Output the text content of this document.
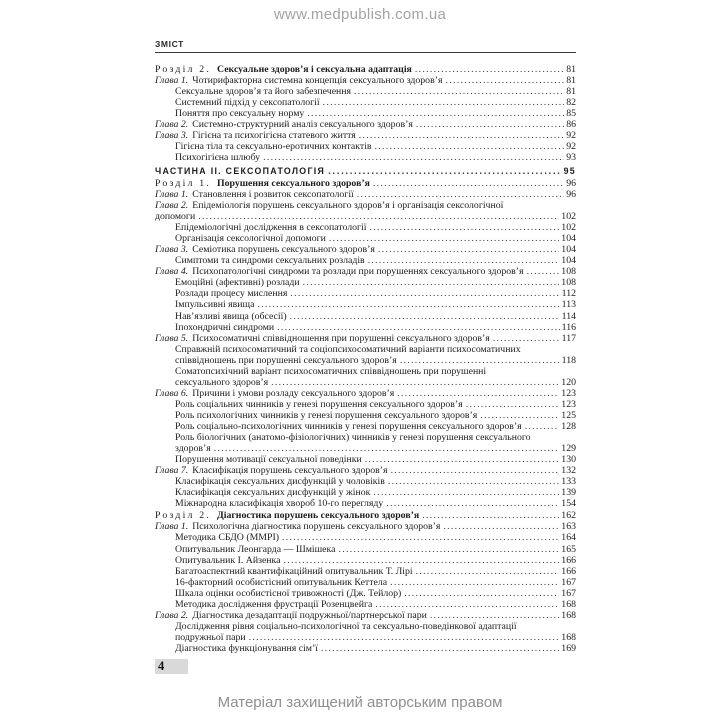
www.medpublish.com.ua
ЗМІСТ
Розділ 2. Сексуальне здоров’я і сексуальна адаптація .....	81
Глава 1. Чотирифакторна системна концепція сексуального здоров’я .....	81
Сексуальне здоров’я та його забезпечення .....	81
Системний підхід у сексопатології .....	82
Поняття про сексуальну норму .....	85
Глава 2. Системно-структурний аналіз сексуального здоров’я .....	86
Глава 3. Гігієна та психогігієна статевого життя .....	92
Гігієна тіла та сексуально-еротичних контактів .....	92
Психогігієна шлюбу .....	93
ЧАСТИНА II. СЕКСОПАТОЛОГІЯ .....	95
Розділ 1. Порушення сексуального здоров’я .....	96
Глава 1. Становлення і розвиток сексопатології .....	96
Глава 2. Епідеміологія порушень сексуального здоров’я і організація сексологічної
допомоги .....	102
Епідеміологічні дослідження в сексопатології .....	102
Організація сексологічної допомоги .....	104
Глава 3. Семіотика порушень сексуального здоров’я .....	104
Симптоми та синдроми сексуальних розладів .....	104
Глава 4. Психопатологічні синдроми та розлади при порушеннях сексуального здоров’я .....	108
Емоційні (афективні) розлади .....	108
Розлади процесу мислення .....	112
Імпульсивні явища .....	113
Нав’язливі явища (обсесії) .....	114
Іпохондричні синдроми .....	116
Глава 5. Психосоматичні співвідношення при порушенні сексуального здоров’я .....	117
Справжній психосоматичний та соціопсихосоматичний варіанти психосоматичних
співвідношень при порушенні сексуального здоров’я .....	118
Соматопсихічний варіант психосоматичних співвідношень при порушенні
сексуального здоров’я .....	120
Глава 6. Причини і умови розладу сексуального здоров’я .....	123
Роль соціальних чинників у генезі порушення сексуального здоров’я .....	123
Роль психологічних чинників у генезі порушення сексуального здоров’я .....	125
Роль соціально-психологічних чинників у генезі порушення сексуального здоров’я .....	128
Роль біологічних (анатомо-фізіологічних) чинників у генезі порушення сексуального
здоров’я .....	129
Порушення мотивації сексуальної поведінки .....	130
Глава 7. Класифікація порушень сексуального здоров’я .....	132
Класифікація сексуальних дисфункцій у чоловіків .....	133
Класифікація сексуальних дисфункцій у жінок .....	139
Міжнародна класифікація хвороб 10-го перегляду .....	154
Розділ 2. Діагностика порушень сексуального здоров’я .....	162
Глава 1. Психологічна діагностика порушень сексуального здоров’я .....	163
Методика СБДО (MMPI) .....	164
Опитувальник Леонгарда — Шмішека .....	165
Опитувальник І. Айзенка .....	166
Багатоаспектний квантифікаційний опитувальник Т. Лірі .....	166
16-факторний особистісний опитувальник Кеттела .....	167
Шкала оцінки особистісної тривожності (Дж. Тейлор) .....	167
Методика дослідження фрустрації Розенцвейга .....	168
Глава 2. Діагностика дезадаптації подружньої/партнерської пари .....	168
Дослідження рівня соціально-психологічної та сексуально-поведінкової адаптації
подружньої пари .....	168
Діагностика функціонування сім’ї .....	169
4
Матеріал захищений авторським правом
